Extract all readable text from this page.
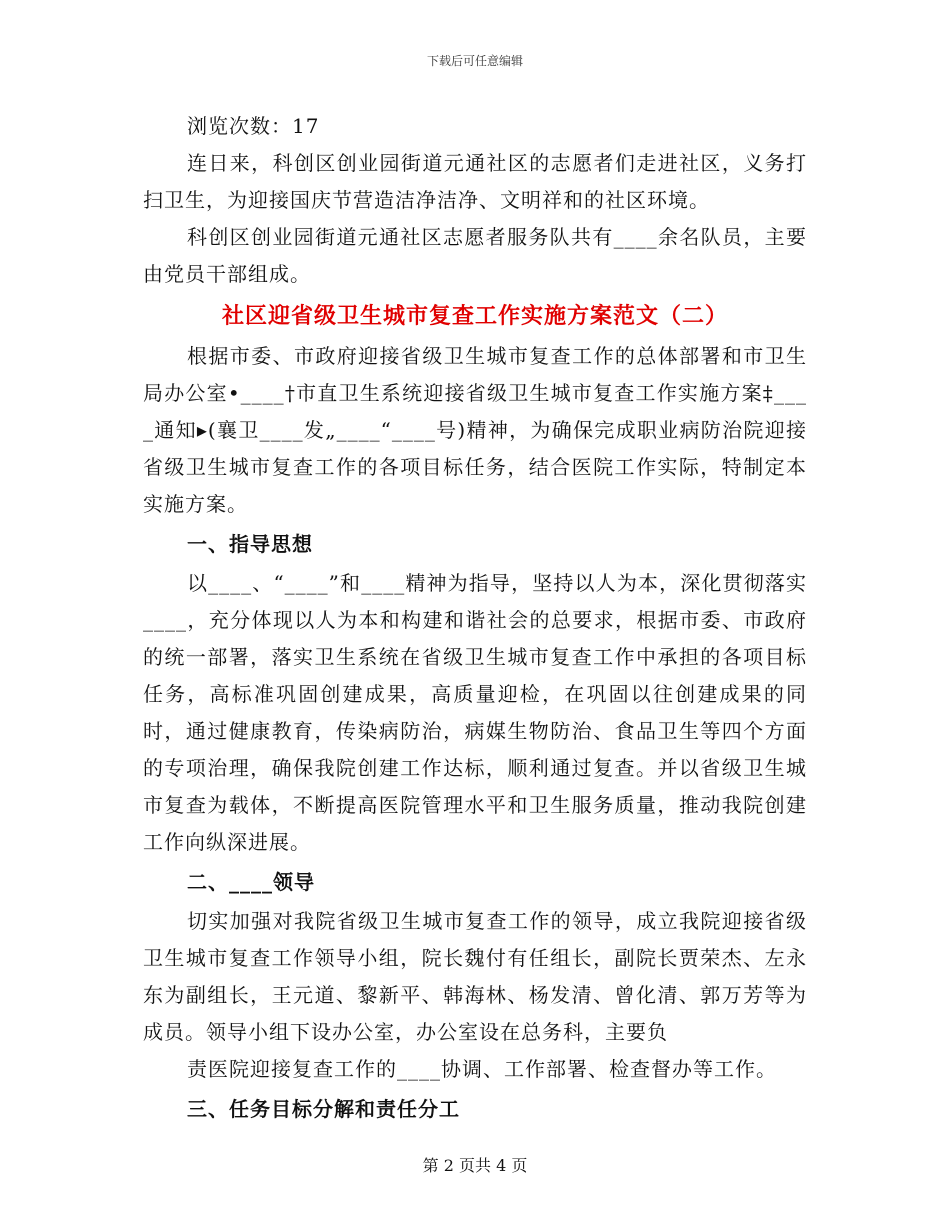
下载后可任意编辑

浏览次数：17

连日来，科创区创业园街道元通社区的志愿者们走进社区，义务打扫卫生，为迎接国庆节营造洁净洁净、文明祥和的社区环境。

科创区创业园街道元通社区志愿者服务队共有____余名队员，主要由党员干部组成。

社区迎省级卫生城市复查工作实施方案范文（二）

根据市委、市政府迎接省级卫生城市复查工作的总体部署和市卫生局办公室•____†市直卫生系统迎接省级卫生城市复查工作实施方案‡____通知▸(襄卫____发„____“____号)精神，为确保完成职业病防治院迎接省级卫生城市复查工作的各项目标任务，结合医院工作实际，特制定本实施方案。

一、指导思想

以____、“____”和____精神为指导，坚持以人为本，深化贯彻落实____，充分体现以人为本和构建和谐社会的总要求，根据市委、市政府的统一部署，落实卫生系统在省级卫生城市复查工作中承担的各项目标任务，高标准巩固创建成果，高质量迎检，在巩固以往创建成果的同时，通过健康教育，传染病防治，病媒生物防治、食品卫生等四个方面的专项治理，确保我院创建工作达标，顺利通过复查。并以省级卫生城市复查为载体，不断提高医院管理水平和卫生服务质量，推动我院创建工作向纵深进展。

二、____领导

切实加强对我院省级卫生城市复查工作的领导，成立我院迎接省级卫生城市复查工作领导小组，院长魏付有任组长，副院长贾荣杰、左永东为副组长，王元道、黎新平、韩海林、杨发清、曾化清、郭万芳等为成员。领导小组下设办公室，办公室设在总务科，主要负

责医院迎接复查工作的____协调、工作部署、检查督办等工作。

三、任务目标分解和责任分工
第 2 页共 4 页
